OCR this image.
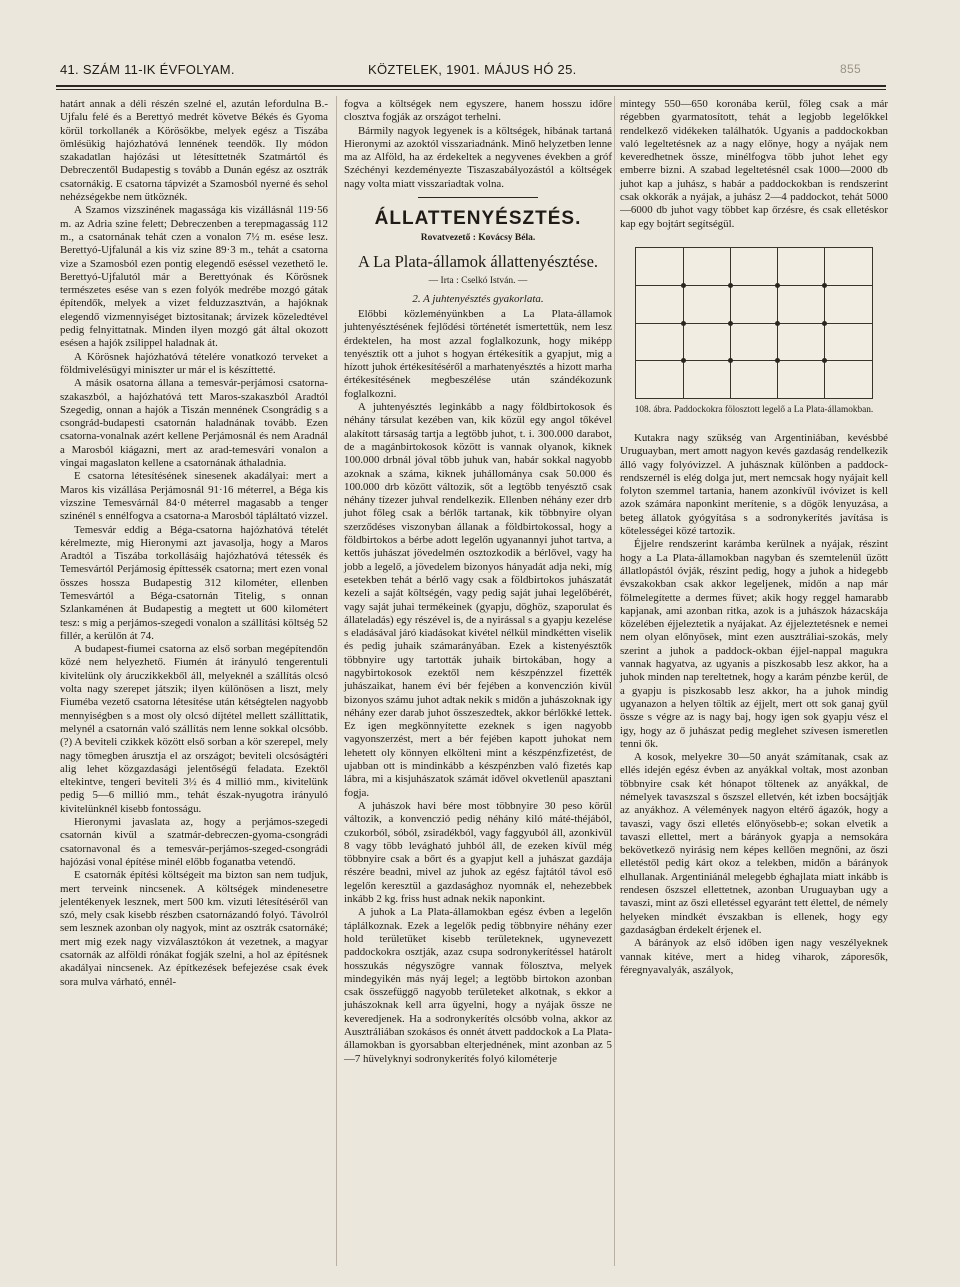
41. SZÁM 11-IK ÉVFOLYAM.	KÖZTELEK, 1901. MÁJUS HÓ 25.	855

határt annak a déli részén szelné el, azután lefordulna B.-Ujfalu felé és a Berettyó medrét követve Békés és Gyoma körül torkollanék a Körösökbe, melyek egész a Tiszába ömlésükig hajózhatóvá lennének teendők. Ily módon szakadatlan hajózási ut létesíttetnék Szatmártól és Debreczentől Budapestig s tovább a Dunán egész az osztrák csatornákig. E csatorna tápvizét a Szamosból nyerné és sehol nehézségekbe nem ütköznék.

A Szamos vizszinének magassága kis vizállásnál 119·56 m. az Adria szine felett; Debreczenben a terepmagasság 112 m., a csatornának tehát czen a vonalon 7½ m. esése lesz. Berettyó-Ujfalunál a kis viz szine 89·3 m., tehát a csatorna vize a Szamosból ezen pontig elegendő eséssel vezethető le. Berettyó-Ujfalutól már a Berettyónak és Körösnek természetes esése van s ezen folyók medrébe mozgó gátak építendők, melyek a vizet felduzzasztván, a hajóknak elegendő vizmennyiséget biztositanak; árvizek közeledtével pedig felnyittatnak. Minden ilyen mozgó gát által okozott esésen a hajók zsilippel haladnak át.

A Körösnek hajózhatóvá tételére vonatkozó terveket a földmivelésügyi miniszter ur már el is készíttetté.

A másik osatorna állana a temesvár-perjámosi csatorna-szakaszból, a hajózhatóvá tett Maros-szakaszból Aradtól Szegedig, onnan a hajók a Tiszán mennének Csongrádig s a csongrád-budapesti csatornán haladnának tovább. Ezen csatorna-vonalnak azért kellene Perjámosnál és nem Aradnál a Marosból kiágazni, mert az arad-temesvári vonalon a vingai magaslaton kellene a csatornának áthaladnia.

E csatorna létesítésének sinesenek akadályai: mert a Maros kis vizállása Perjámosnál 91·16 méterrel, a Béga kis vizszine Temesvárnál 84·0 méterrel magasabb a tenger szinénél s ennélfogva a csatorna-a Marosból tápláltató vizzel.

Temesvár eddig a Béga-csatorna hajózhatóvá tételét kérelmezte, mig Hieronymi azt javasolja, hogy a Maros Aradtól a Tiszába torkollásáig hajózhatóvá tétessék és Temesvártól Perjámosig építtessék csatorna; mert ezen vonal összes hossza Budapestig 312 kilométer, ellenben Temesvártól a Béga-csatornán Titelig, s onnan Szlankaménen át Budapestig a megtett ut 600 kilométert tesz: s mig a perjámos-szegedi vonalon a szállítási költség 52 fillér, a kerülőn át 74.

A budapest-fiumei csatorna az első sorban megépítendőn közé nem helyezhető. Fiumén át irányuló tengerentuli kivitelünk oly áruczikkekből áll, melyeknél a szállítás olcsó volta nagy szerepet játszik; ilyen különösen a liszt, mely Fiuméba vezető csatorna létesítése után kétségtelen nagyobb mennyiségben s a most oly olcsó díjtétel mellett szállíttatik, melynél a csatornán való szállítás nem lenne sokkal olcsóbb. (?) A beviteli czikkek között első sorban a kör szerepel, mely nagy tömegben árusztja el az országot; beviteli olcsóságtéri alig lehet közgazdasági jelentőségű feladata. Ezektől eltekintve, tengeri beviteli 3½ és 4 millió mm., kivitelünk pedig 5—6 millió mm., tehát észak-nyugotra irányuló kivitelünknél kisebb fontosságu.

Hieronymi javaslata az, hogy a perjámos-szegedi csatornán kivül a szatmár-debreczen-gyoma-csongrádi csatornavonal és a temesvár-perjámos-szeged-csongrádi hajózási vonal építése minél előbb foganatba vetendő.

E csatornák építési költségeit ma bizton san nem tudjuk, mert terveink nincsenek. A költségek mindenesetre jelentékenyek lesznek, mert 500 km. vizuti létesítéséről van szó, mely csak kisebb részben csatornázandó folyó. Távolról sem lesznek azonban oly nagyok, mint az osztrák csatornáké; mert mig ezek nagy vizválasztókon át vezetnek, a magyar csatornák az alföldi rónákat fogják szelni, a hol az építésnek akadályai nincsenek. Az építkezések befejezése csak évek sora mulva várható, ennél-

fogva a költségek nem egyszere, hanem hosszu időre closztva fogják az országot terhelni.

Bármily nagyok legyenek is a költségek, hibának tartaná Hieronymi az azoktól visszariadnánk. Minő helyzetben lenne ma az Alföld, ha az érdekeltek a negyvenes években a gróf Széchényi kezdeményezte Tiszaszabályozástól a költségek nagy volta miatt visszariadtak volna.

ÁLLATTENYÉSZTÉS.
Rovatvezető : Kovácsy Béla.
A La Plata-államok állattenyésztése.
— Irta : Cselkó István. —
2. A juhtenyésztés gyakorlata.

Előbbi közleményünkben a La Plata-államok juhtenyésztésének fejlődési történetét ismertettük, nem lesz érdektelen, ha most azzal foglalkozunk, hogy miképp tenyésztik ott a juhot s hogyan értékesítik a gyapjut, mig a hízott juhok értékesítéséről a marhatenyésztés a hizott marha értékesítésének megbeszélése után szándékozunk foglalkozni.

A juhtenyésztés leginkább a nagy földbirtokosok és néhány társulat kezében van, kik közül egy angol tőkével alakított társaság tartja a legtöbb juhot, t. i. 300.000 darabot, de a magánbirtokosok között is vannak olyanok, kiknek 100.000 drbnál jóval több juhuk van, habár sokkal nagyobb azoknak a száma, kiknek juhállománya csak 50.000 és 100.000 drb között változik, sőt a legtöbb tenyésztő csak néhány tízezer juhval rendelkezik. Ellenben néhány ezer drb juhot főleg csak a bérlők tartanak, kik többnyire olyan szerződéses viszonyban állanak a földbirtokossal, hogy a földbirtokos a bérbe adott legelőn ugyanannyi juhot tartva, a kettős juhászat jövedelmén osztozkodik a bérlővel, vagy ha jobb a legelő, a jövedelem bizonyos hányadát adja neki, míg esetekben tehát a bérlő vagy csak a földbirtokos juhászatát kezeli a saját költségén, vagy pedig saját juhai legelőbérét, vagy saját juhai termékeinek (gyapju, döghöz, szaporulat és állateladás) egy részével is, de a nyirással s a gyapju kezelése s eladásával járó kiadásokat kivétel nélkül mindkétten viselik és pedig juhaik számarányában. Ezek a kistenyésztők többnyire ugy tartották juhaik birtokában, hogy a nagybirtokosok ezektől nem készpénzzel fizették juhászaikat, hanem évi bér fejében a konvenczión kivül bizonyos számu juhot adtak nekik s midőn a juhászoknak igy néhány ezer darab juhot összeszedtek, akkor bérlőkké lettek. Ez igen megkönnyítette ezeknek s igen nagyobb vagyonszerzést, mert a bér fejében kapott juhokat nem lehetett oly könnyen elkölteni mint a készpénzfizetést, de ujabban ott is mindinkább a készpénzben való fizetés kap lábra, mi a kisjuhászatok számát idővel okvetlenül apasztani fogja.

A juhászok havi bére most többnyire 30 peso körül változik, a konvenczió pedig néhány kiló máté-théjából, czukorból, sóból, zsiradékból, vagy faggyuból áll, azonkivül 8 vagy több levágható juhból áll, de ezeken kívül még többnyire csak a bőrt és a gyapjut kell a juhászat gazdája részére beadni, mivel az juhok az egész fajtától távol eső legelőn keresztül a gazdasághoz nyomnák el, nehezebbek inkább 2 kg. friss hust adnak nekik naponkint.

A juhok a La Plata-államokban egész évben a legelőn táplálkoznak. Ezek a legelők pedig többnyire néhány ezer hold területüket kisebb területeknek, ugynevezett paddockokra osztják, azaz csupa sodronykerítéssel határolt hosszukás négyszögre vannak fölosztva, melyek mindegyikén más nyáj legel; a legtöbb birtokon azonban csak összefüggő nagyobb területeket alkotnak, s ekkor a juhászoknak kell arra ügyelni, hogy a nyájak össze ne keveredjenek. Ha a sodronykerítés olcsóbb volna, akkor az Ausztráliában szokásos és onnét átvett paddockok a La Plata-államokban is gyorsabban elterjednének, mint azonban az 5—7 hüvelyknyi sodronykerítés folyó kilométerje

mintegy 550—650 koronába kerül, főleg csak a már régebben gyarmatosított, tehát a legjobb legelőkkel rendelkező vidékeken találhatók. Ugyanis a paddockokban való legeltetésnek az a nagy előnye, hogy a nyájak nem keveredhetnek össze, minélfogva több juhot lehet egy emberre bizni. A szabad legeltetésnél csak 1000—2000 db juhot kap a juhász, s habár a paddockokban is rendszerint csak okkorák a nyájak, a juhász 2—4 paddockot, tehát 5000—6000 db juhot vagy többet kap őrzésre, és csak elletéskor kap egy bojtárt segítségül.

108. ábra. Paddockokra fölosztott legelő a La Plata-államokban.

Kutakra nagy szükség van Argentiniában, kevésbbé Uruguayban, mert amott nagyon kevés gazdaság rendelkezik álló vagy folyóvizzel. A juhásznak különben a paddock-rendszernél is elég dolga jut, mert nemcsak hogy nyájait kell folyton szemmel tartania, hanem azonkívül ivóvizet is kell azok számára naponkint merítenie, s a dögök lenyuzása, a beteg állatok gyógyítása s a sodronykerítés javítása is kötelességei közé tartozik.

Éjjelre rendszerint karámba kerülnek a nyájak, részint hogy a La Plata-államokban nagyban és szemtelenül üzött állatlopástól óvják, részint pedig, hogy a juhok a hidegebb évszakokban csak akkor legeljenek, midőn a nap már fölmelegítette a dermes füvet; akik hogy reggel hamarabb kapjanak, ami azonban ritka, azok is a juhászok házacskája közelében éjjeleztetik a nyájakat. Az éjjeleztetésnek e nemei nem olyan előnyösek, mint ezen ausztráliai-szokás, mely szerint a juhok a paddock-okban éjjel-nappal magukra vannak hagyatva, az ugyanis a piszkosabb lesz akkor, ha a juhok minden nap tereltetnek, hogy a karám pénzbe kerül, de a gyapju is piszkosabb lesz akkor, ha a juhok mindig ugyanazon a helyen töltik az éjjelt, mert ott sok ganaj gyül össze s végre az is nagy baj, hogy igen sok gyapju vész el igy, hogy az ő juhászat pedig meglehet szívesen ismeretlen tenni ők.

A kosok, melyekre 30—50 anyát számítanak, csak az ellés idején egész évben az anyákkal voltak, most azonban többnyire csak két hónapot töltenek az anyákkal, de némelyek tavaszszal s őszszel elletvén, két izben bocsájtják az anyákhoz. A vélemények nagyon eltérő ágazók, hogy a tavaszi, vagy őszi elletés előnyösebb-e; sokan elvetik a tavaszi ellettel, mert a bárányok gyapja a nemsokára bekövetkező nyirásig nem képes kellően megnőni, az őszi elletéstől pedig kárt okoz a telekben, midőn a bárányok elhullanak. Argentiniánál melegebb éghajlata miatt inkább is rendesen őszszel ellettetnek, azonban Uruguayban ugy a tavaszi, mint az őszi elletéssel egyaránt tett élettel, de némely helyeken mindkét évszakban is ellenek, hogy egy gazdaságban érdekelt érjenek el.

A bárányok az első időben igen nagy veszélyeknek vannak kitéve, mert a hideg viharok, záporesők, féregnyavalyák, aszályok,
